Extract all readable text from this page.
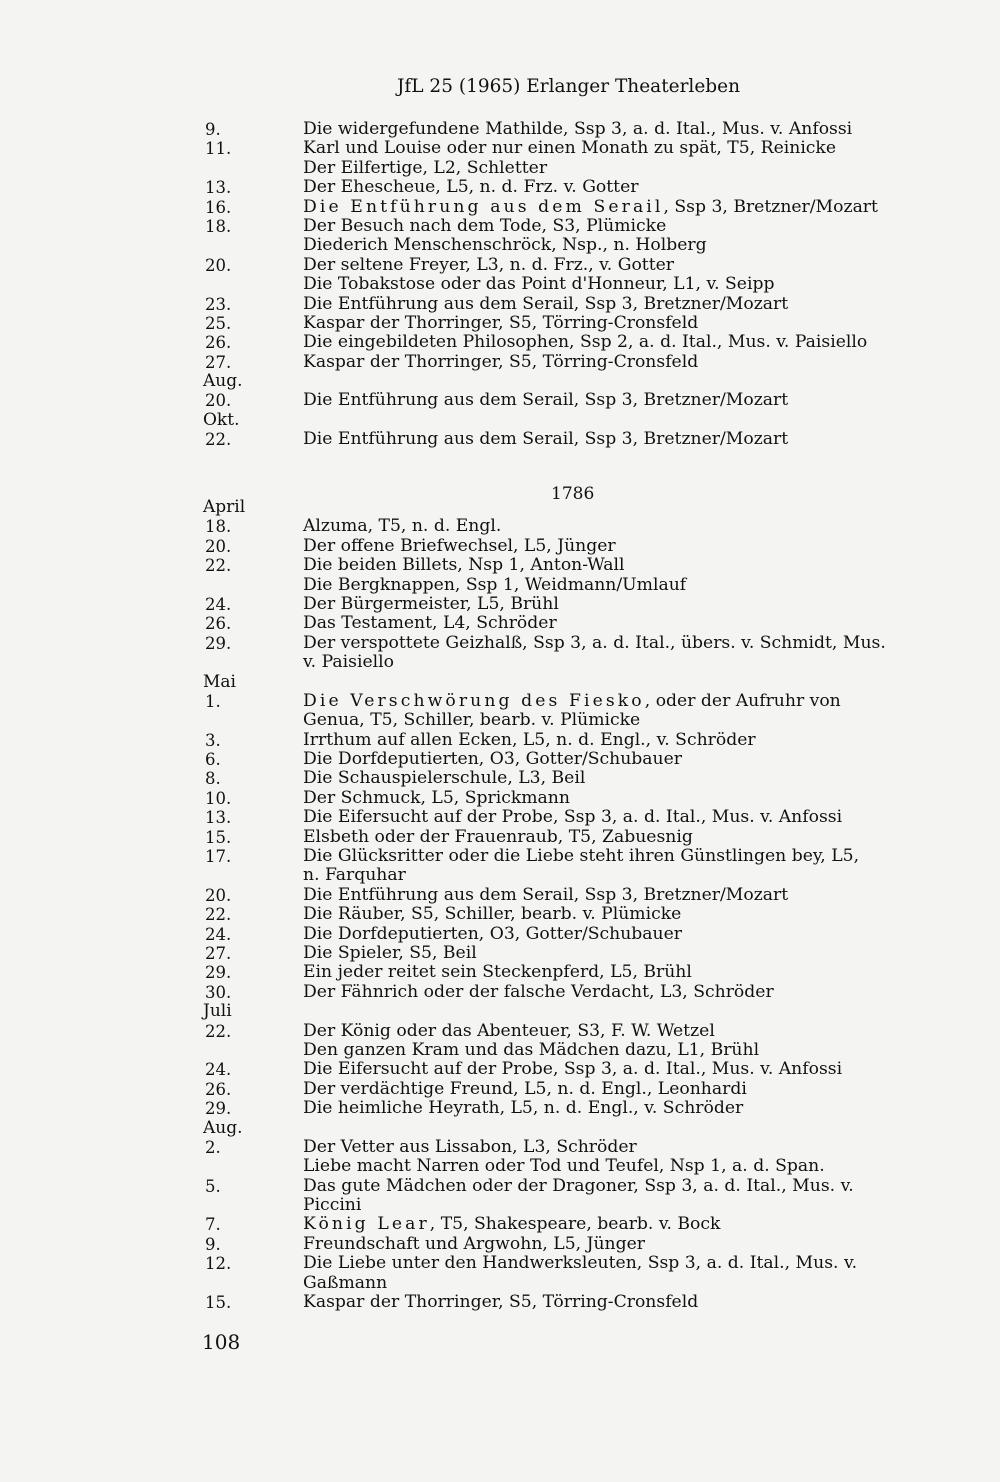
JfL 25 (1965) Erlanger Theaterleben
9.	Die widergefundene Mathilde, Ssp 3, a. d. Ital., Mus. v. Anfossi
11.	Karl und Louise oder nur einen Monath zu spät, T5, Reinicke
Der Eilfertige, L2, Schletter
13.	Der Ehescheue, L5, n. d. Frz. v. Gotter
16.	Die Entführung aus dem Serail, Ssp 3, Bretzner/Mozart
18.	Der Besuch nach dem Tode, S3, Plümicke
Diederich Menschenschröck, Nsp., n. Holberg
20.	Der seltene Freyer, L3, n. d. Frz., v. Gotter
Die Tobakstose oder das Point d'Honneur, L1, v. Seipp
23.	Die Entführung aus dem Serail, Ssp 3, Bretzner/Mozart
25.	Kaspar der Thorringer, S5, Törring-Cronsfeld
26.	Die eingebildeten Philosophen, Ssp 2, a. d. Ital., Mus. v. Paisiello
27.	Kaspar der Thorringer, S5, Törring-Cronsfeld
Aug.
20.	Die Entführung aus dem Serail, Ssp 3, Bretzner/Mozart
Okt.
22.	Die Entführung aus dem Serail, Ssp 3, Bretzner/Mozart
1786
April
18.	Alzuma, T5, n. d. Engl.
20.	Der offene Briefwechsel, L5, Jünger
22.	Die beiden Billets, Nsp 1, Anton-Wall
Die Bergknappen, Ssp 1, Weidmann/Umlauf
24.	Der Bürgermeister, L5, Brühl
26.	Das Testament, L4, Schröder
29.	Der verspottete Geizhalß, Ssp 3, a. d. Ital., übers. v. Schmidt, Mus.
v. Paisiello
Mai
1.	Die Verschwörung des Fiesko, oder der Aufruhr von
Genua, T5, Schiller, bearb. v. Plümicke
3.	Irrthum auf allen Ecken, L5, n. d. Engl., v. Schröder
6.	Die Dorfdeputierten, O3, Gotter/Schubauer
8.	Die Schauspielerschule, L3, Beil
10.	Der Schmuck, L5, Sprickmann
13.	Die Eifersucht auf der Probe, Ssp 3, a. d. Ital., Mus. v. Anfossi
15.	Elsbeth oder der Frauenraub, T5, Zabuesnig
17.	Die Glücksritter oder die Liebe steht ihren Günstlingen bey, L5,
n. Farquhar
20.	Die Entführung aus dem Serail, Ssp 3, Bretzner/Mozart
22.	Die Räuber, S5, Schiller, bearb. v. Plümicke
24.	Die Dorfdeputierten, O3, Gotter/Schubauer
27.	Die Spieler, S5, Beil
29.	Ein jeder reitet sein Steckenpferd, L5, Brühl
30.	Der Fähnrich oder der falsche Verdacht, L3, Schröder
Juli
22.	Der König oder das Abenteuer, S3, F. W. Wetzel
Den ganzen Kram und das Mädchen dazu, L1, Brühl
24.	Die Eifersucht auf der Probe, Ssp 3, a. d. Ital., Mus. v. Anfossi
26.	Der verdächtige Freund, L5, n. d. Engl., Leonhardi
29.	Die heimliche Heyrath, L5, n. d. Engl., v. Schröder
Aug.
2.	Der Vetter aus Lissabon, L3, Schröder
Liebe macht Narren oder Tod und Teufel, Nsp 1, a. d. Span.
5.	Das gute Mädchen oder der Dragoner, Ssp 3, a. d. Ital., Mus. v.
Piccini
7.	König Lear, T5, Shakespeare, bearb. v. Bock
9.	Freundschaft und Argwohn, L5, Jünger
12.	Die Liebe unter den Handwerksleuten, Ssp 3, a. d. Ital., Mus. v.
Gaßmann
15.	Kaspar der Thorringer, S5, Törring-Cronsfeld
108
